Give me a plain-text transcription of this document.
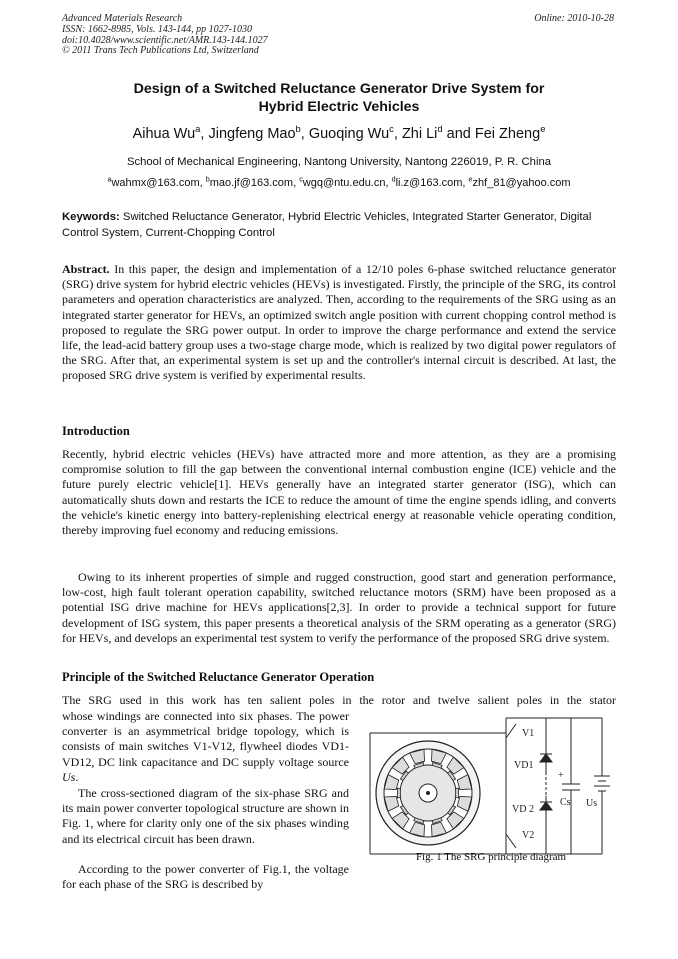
Advanced Materials Research
ISSN: 1662-8985, Vols. 143-144, pp 1027-1030
doi:10.4028/www.scientific.net/AMR.143-144.1027
© 2011 Trans Tech Publications Ltd, Switzerland
Online: 2010-10-28
Design of a Switched Reluctance Generator Drive System for
Hybrid Electric Vehicles
Aihua Wu$^a$, Jingfeng Mao$^b$, Guoqing Wu$^c$, Zhi Li$^d$ and Fei Zheng$^e$
School of Mechanical Engineering, Nantong University, Nantong 226019, P. R. China
$^a$wahmx@163.com, $^b$mao.jf@163.com, $^c$wgq@ntu.edu.cn, $^d$li.z@163.com, $^e$zhf_81@yahoo.com
Keywords: Switched Reluctance Generator, Hybrid Electric Vehicles, Integrated Starter Generator, Digital Control System, Current-Chopping Control
Abstract. In this paper, the design and implementation of a 12/10 poles 6-phase switched reluctance generator (SRG) drive system for hybrid electric vehicles (HEVs) is investigated. Firstly, the principle of the SRG, its control parameters and operation characteristics are analyzed. Then, according to the requirements of the SRG using as an integrated starter generator for HEVs, an optimized switch angle position with current chopping control method is proposed to regulate the SRG power output. In order to improve the charge performance and extend the service life, the lead-acid battery group uses a two-stage charge mode, which is realized by two digital power regulators of the SRG. After that, an experimental system is set up and the controller's internal circuit is described. At last, the proposed SRG drive system is verified by experimental results.
Introduction
Recently, hybrid electric vehicles (HEVs) have attracted more and more attention, as they are a promising compromise solution to fill the gap between the conventional internal combustion engine (ICE) vehicle and the future purely electric vehicle[1]. HEVs generally have an integrated starter generator (ISG), which can automatically shuts down and restarts the ICE to reduce the amount of time the engine spends idling, and converts the vehicle's kinetic energy into battery-replenishing electrical energy at reasonable vehicle operating condition, thereby improving fuel economy and reducing emissions.
Owing to its inherent properties of simple and rugged construction, good start and generation performance, low-cost, high fault tolerant operation capability, switched reluctance motors (SRM) have been proposed as a potential ISG drive machine for HEVs applications[2,3]. In order to provide a technical support for future development of ISG system, this paper presents a theoretical analysis of the SRM operating as a generator (SRG) for HEVs, and develops an experimental test system to verify the performance of the proposed SRG drive system.
Principle of the Switched Reluctance Generator Operation
The SRG used in this work has ten salient poles in the rotor and twelve salient poles in the stator
whose windings are connected into six phases. The power converter is an asymmetrical bridge topology, which is consists of main switches V1-V12, flywheel diodes VD1-VD12, DC link capacitance and DC supply voltage source Us.
The cross-sectioned diagram of the six-phase SRG and its main power converter topological structure are shown in Fig. 1, where for clarity only one of the six phases winding and its electrical circuit has been drawn.
According to the power converter of Fig.1, the voltage for each phase of the SRG is described by
V1
VD1
VD 2
V2
+
Cs Us
Fig. 1 The SRG principle diagram
